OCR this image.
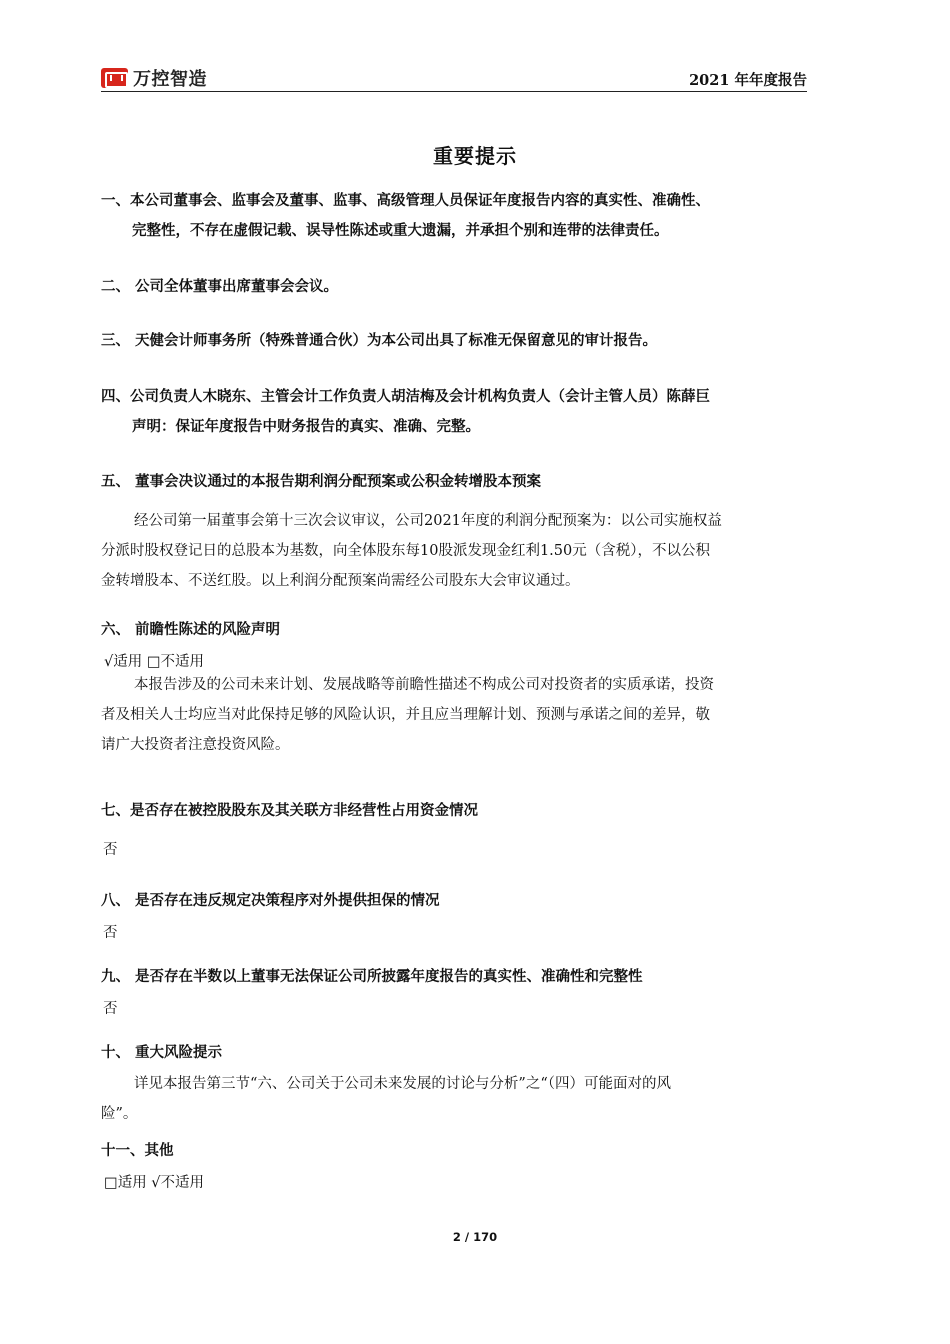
万控智造	2021 年年度报告
重要提示
一、本公司董事会、监事会及董事、监事、高级管理人员保证年度报告内容的真实性、准确性、
完整性，不存在虚假记载、误导性陈述或重大遗漏，并承担个别和连带的法律责任。
二、 公司全体董事出席董事会会议。
三、 天健会计师事务所（特殊普通合伙）为本公司出具了标准无保留意见的审计报告。
四、公司负责人木晓东、主管会计工作负责人胡洁梅及会计机构负责人（会计主管人员）陈薛巨
声明：保证年度报告中财务报告的真实、准确、完整。
五、 董事会决议通过的本报告期利润分配预案或公积金转增股本预案
经公司第一届董事会第十三次会议审议，公司2021年度的利润分配预案为：以公司实施权益
分派时股权登记日的总股本为基数，向全体股东每10股派发现金红利1.50元（含税），不以公积
金转增股本、不送红股。以上利润分配预案尚需经公司股东大会审议通过。
六、 前瞻性陈述的风险声明
√适用 □不适用
本报告涉及的公司未来计划、发展战略等前瞻性描述不构成公司对投资者的实质承诺，投资
者及相关人士均应当对此保持足够的风险认识，并且应当理解计划、预测与承诺之间的差异，敬
请广大投资者注意投资风险。
七、是否存在被控股股东及其关联方非经营性占用资金情况
否
八、 是否存在违反规定决策程序对外提供担保的情况
否
九、 是否存在半数以上董事无法保证公司所披露年度报告的真实性、准确性和完整性
否
十、 重大风险提示
详见本报告第三节“六、公司关于公司未来发展的讨论与分析”之“（四）可能面对的风
险”。
十一、其他
□适用 √不适用
2 / 170
